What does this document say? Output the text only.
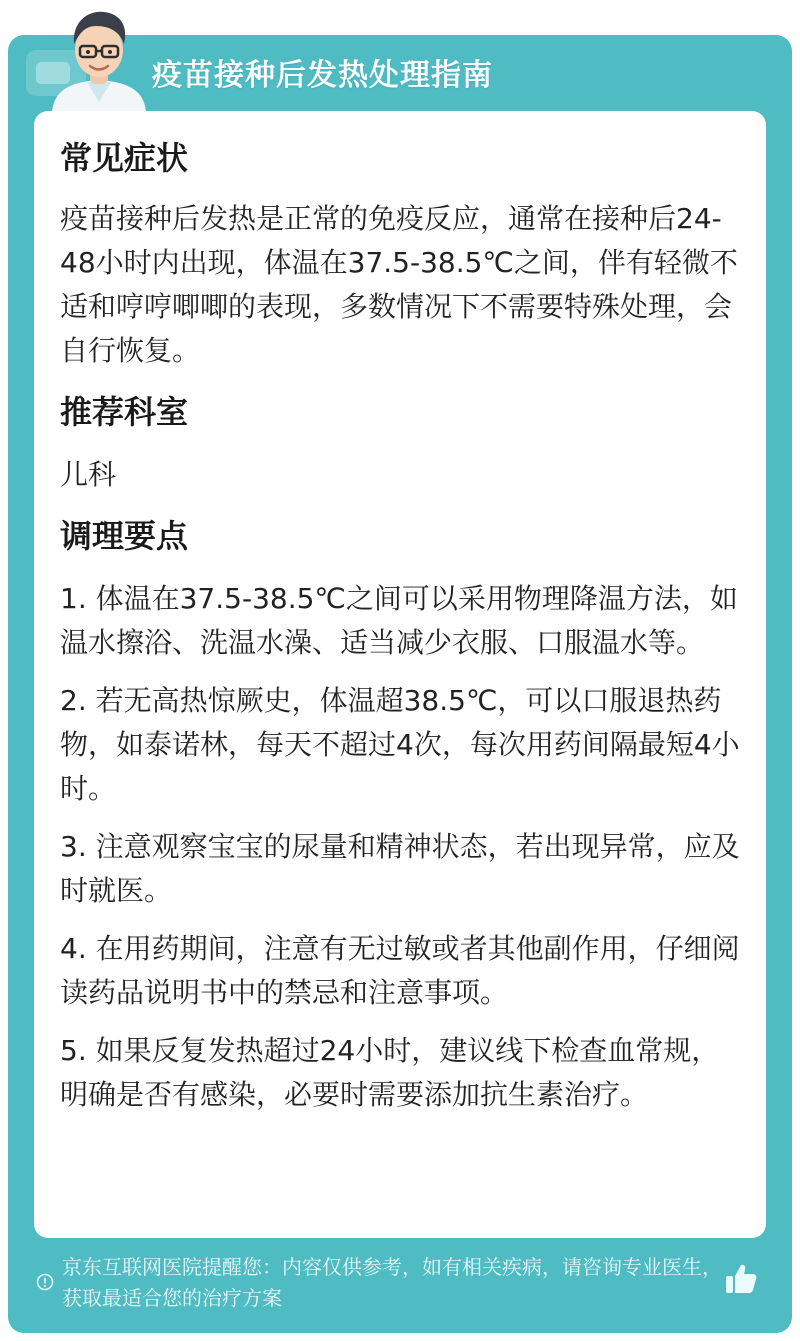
疫苗接种后发热处理指南
常见症状

疫苗接种后发热是正常的免疫反应，通常在接种后24-48小时内出现，体温在37.5-38.5℃之间，伴有轻微不适和哼哼唧唧的表现，多数情况下不需要特殊处理，会自行恢复。

推荐科室

儿科

调理要点

1. 体温在37.5-38.5℃之间可以采用物理降温方法，如温水擦浴、洗温水澡、适当减少衣服、口服温水等。

2. 若无高热惊厥史，体温超38.5℃，可以口服退热药物，如泰诺林，每天不超过4次，每次用药间隔最短4小时。

3. 注意观察宝宝的尿量和精神状态，若出现异常，应及时就医。

4. 在用药期间，注意有无过敏或者其他副作用，仔细阅读药品说明书中的禁忌和注意事项。

5. 如果反复发热超过24小时，建议线下检查血常规，明确是否有感染，必要时需要添加抗生素治疗。

京东互联网医院提醒您：内容仅供参考，如有相关疾病，请咨询专业医生，获取最适合您的治疗方案
